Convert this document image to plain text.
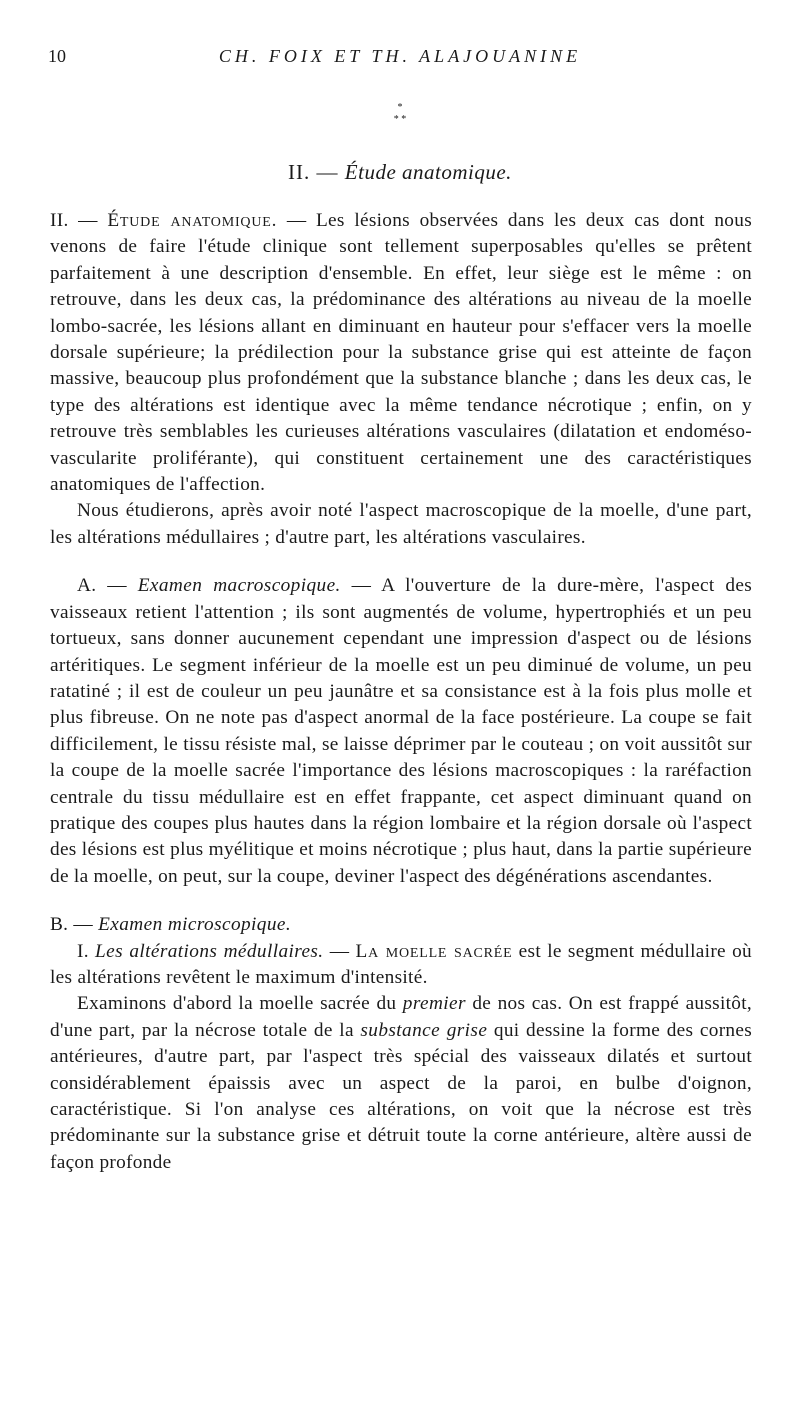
10	CH. FOIX ET TH. ALAJOUANINE
*
* *
II. — Étude anatomique.

II. — Étude anatomique. — Les lésions observées dans les deux cas dont nous venons de faire l'étude clinique sont tellement superposables qu'elles se prêtent parfaitement à une description d'ensemble. En effet, leur siège est le même : on retrouve, dans les deux cas, la prédominance des altérations au niveau de la moelle lombo-sacrée, les lésions allant en diminuant en hauteur pour s'effacer vers la moelle dorsale supérieure; la prédilection pour la substance grise qui est atteinte de façon massive, beaucoup plus profondément que la substance blanche ; dans les deux cas, le type des altérations est identique avec la même tendance nécrotique ; enfin, on y retrouve très semblables les curieuses altérations vasculaires (dilatation et endoméso-vascularite proliférante), qui constituent certainement une des caractéristiques anatomiques de l'affection.

Nous étudierons, après avoir noté l'aspect macroscopique de la moelle, d'une part, les altérations médullaires ; d'autre part, les altérations vasculaires.

A. — Examen macroscopique. — A l'ouverture de la dure-mère, l'aspect des vaisseaux retient l'attention ; ils sont augmentés de volume, hypertrophiés et un peu tortueux, sans donner aucunement cependant une impression d'aspect ou de lésions artéritiques. Le segment inférieur de la moelle est un peu diminué de volume, un peu ratatiné ; il est de couleur un peu jaunâtre et sa consistance est à la fois plus molle et plus fibreuse. On ne note pas d'aspect anormal de la face postérieure. La coupe se fait difficilement, le tissu résiste mal, se laisse déprimer par le couteau ; on voit aussitôt sur la coupe de la moelle sacrée l'importance des lésions macroscopiques : la raréfaction centrale du tissu médullaire est en effet frappante, cet aspect diminuant quand on pratique des coupes plus hautes dans la région lombaire et la région dorsale où l'aspect des lésions est plus myélitique et moins nécrotique ; plus haut, dans la partie supérieure de la moelle, on peut, sur la coupe, deviner l'aspect des dégénérations ascendantes.

B. — Examen microscopique.

I. Les altérations médullaires. — La moelle sacrée est le segment médullaire où les altérations revêtent le maximum d'intensité.

Examinons d'abord la moelle sacrée du premier de nos cas. On est frappé aussitôt, d'une part, par la nécrose totale de la substance grise qui dessine la forme des cornes antérieures, d'autre part, par l'aspect très spécial des vaisseaux dilatés et surtout considérablement épaissis avec un aspect de la paroi, en bulbe d'oignon, caractéristique. Si l'on analyse ces altérations, on voit que la nécrose est très prédominante sur la substance grise et détruit toute la corne antérieure, altère aussi de façon profonde
